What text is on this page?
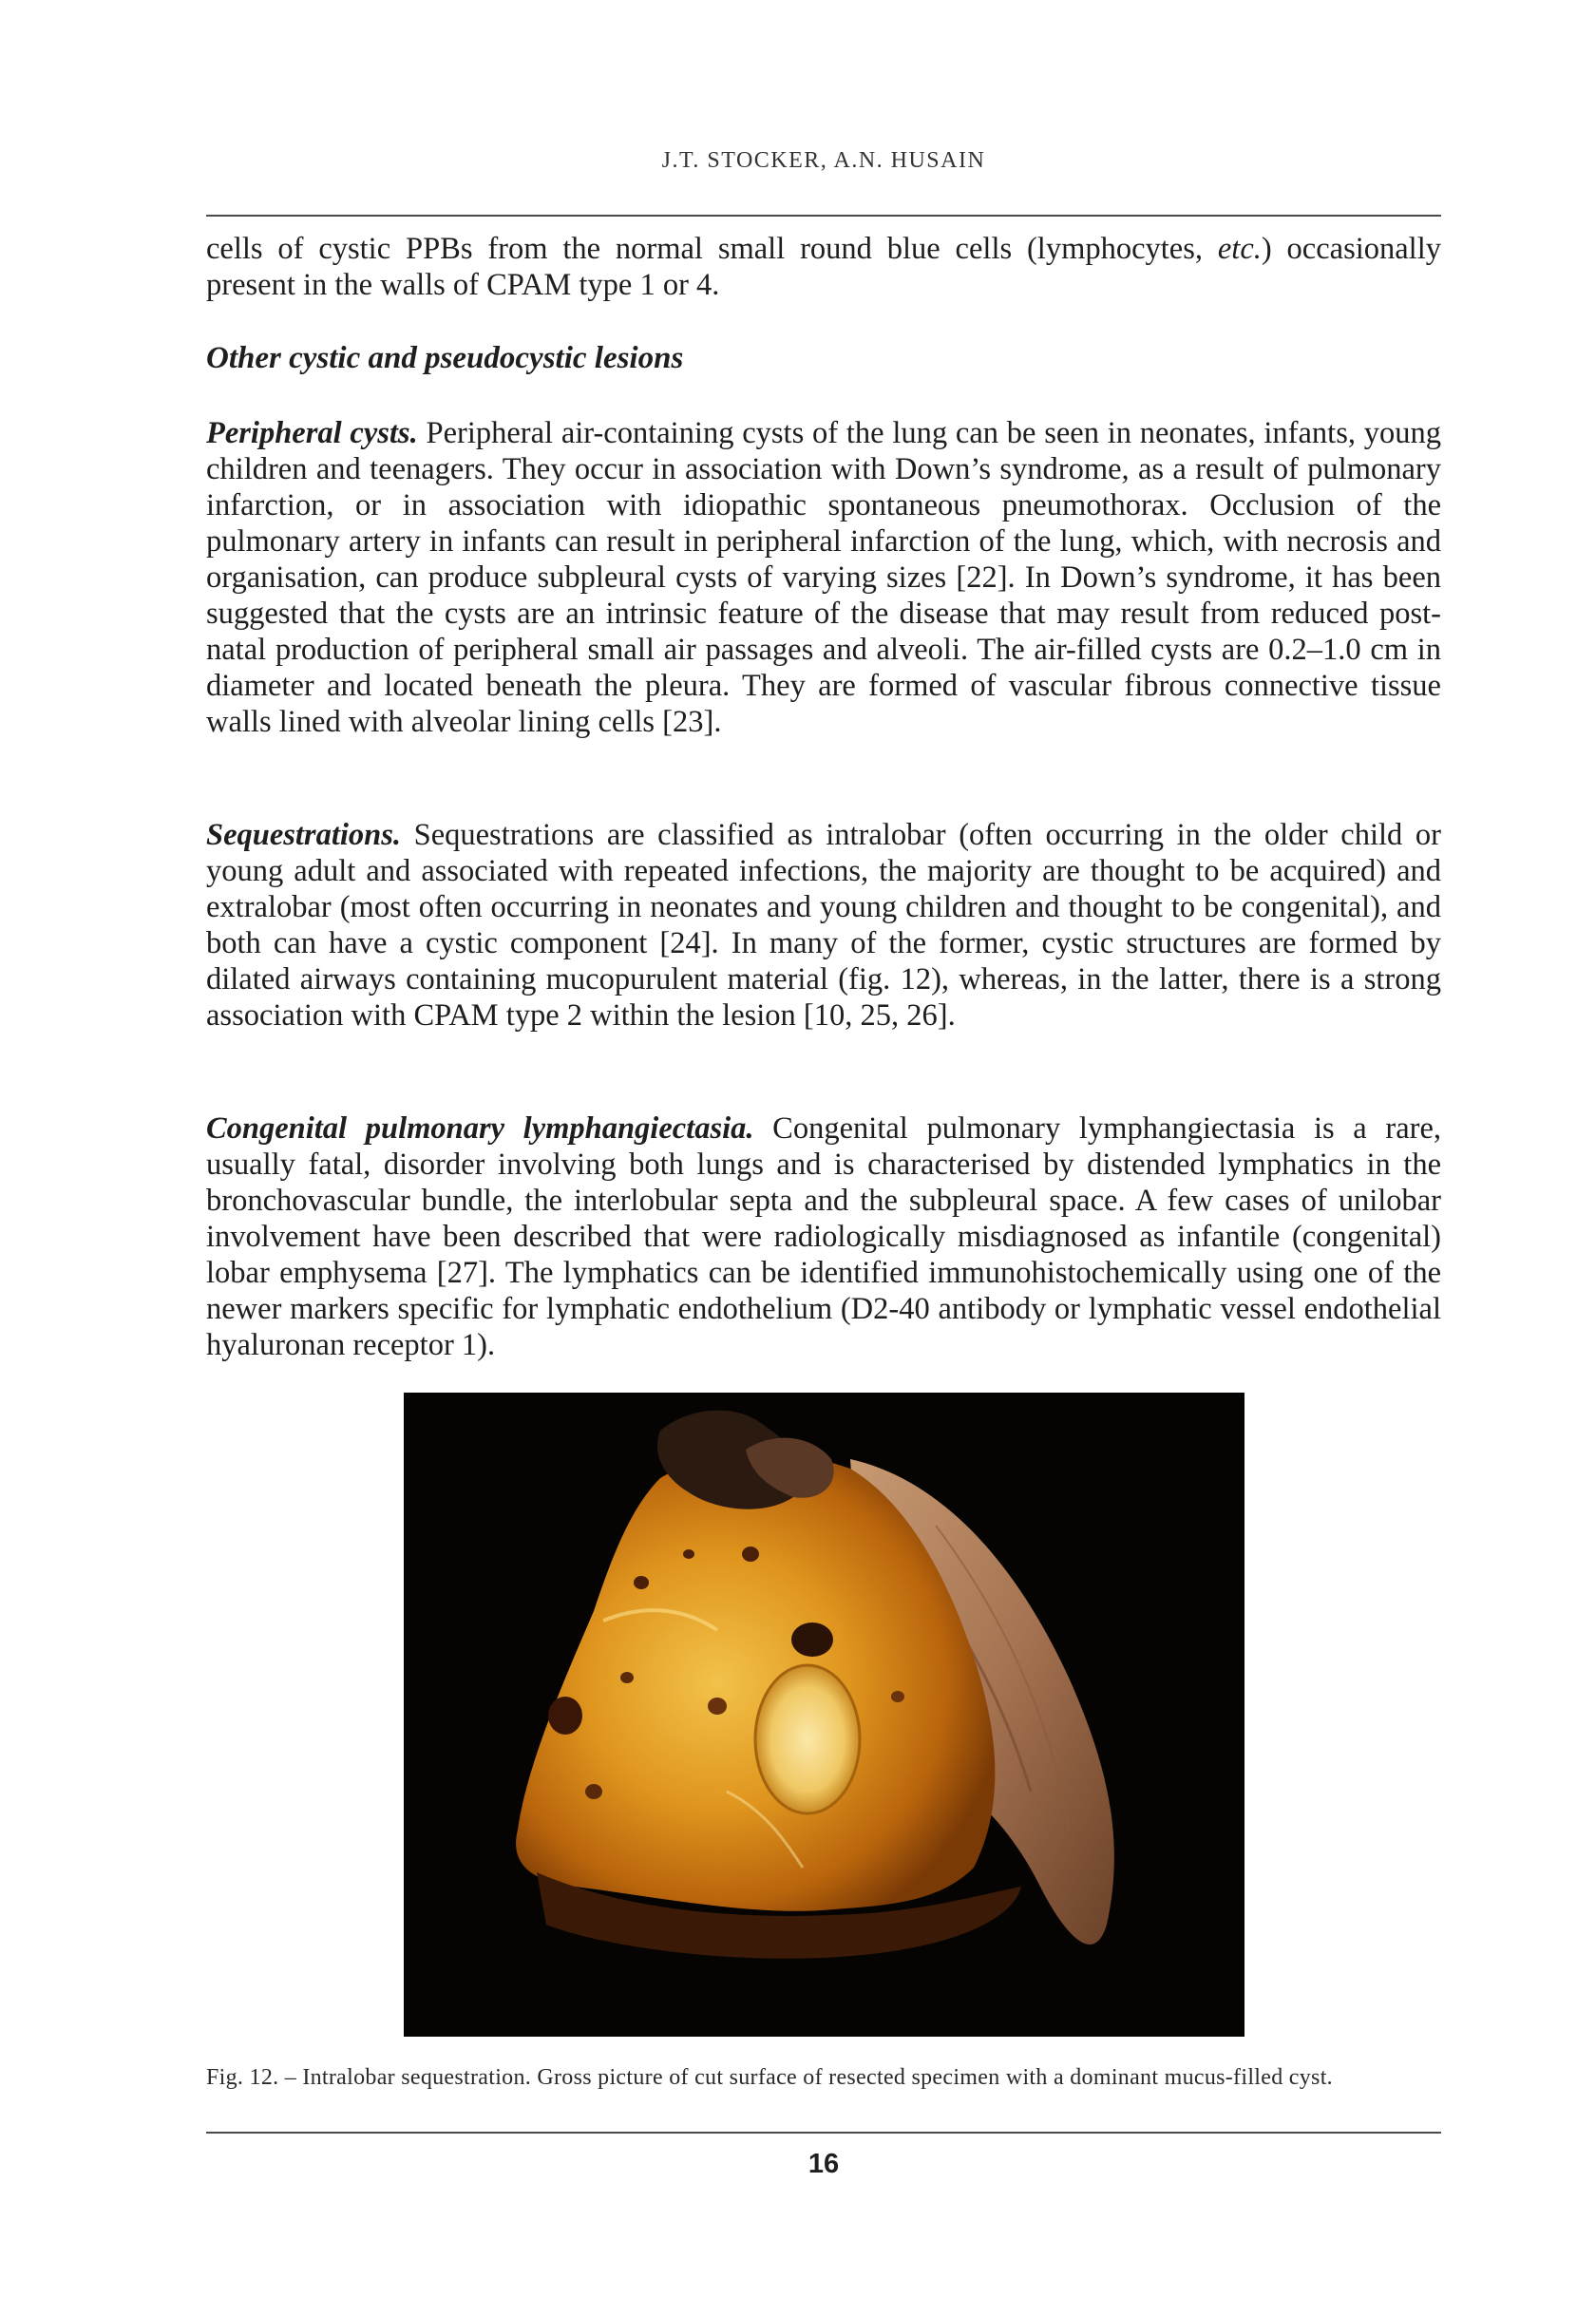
J.T. STOCKER, A.N. HUSAIN

cells of cystic PPBs from the normal small round blue cells (lymphocytes, etc.) occasionally present in the walls of CPAM type 1 or 4.

Other cystic and pseudocystic lesions

Peripheral cysts. Peripheral air-containing cysts of the lung can be seen in neonates, infants, young children and teenagers. They occur in association with Down’s syndrome, as a result of pulmonary infarction, or in association with idiopathic spontaneous pneumothorax. Occlusion of the pulmonary artery in infants can result in peripheral infarction of the lung, which, with necrosis and organisation, can produce subpleural cysts of varying sizes [22]. In Down’s syndrome, it has been suggested that the cysts are an intrinsic feature of the disease that may result from reduced post-natal production of peripheral small air passages and alveoli. The air-filled cysts are 0.2–1.0 cm in diameter and located beneath the pleura. They are formed of vascular fibrous connective tissue walls lined with alveolar lining cells [23].

Sequestrations. Sequestrations are classified as intralobar (often occurring in the older child or young adult and associated with repeated infections, the majority are thought to be acquired) and extralobar (most often occurring in neonates and young children and thought to be congenital), and both can have a cystic component [24]. In many of the former, cystic structures are formed by dilated airways containing mucopurulent material (fig. 12), whereas, in the latter, there is a strong association with CPAM type 2 within the lesion [10, 25, 26].

Congenital pulmonary lymphangiectasia. Congenital pulmonary lymphangiectasia is a rare, usually fatal, disorder involving both lungs and is characterised by distended lymphatics in the bronchovascular bundle, the interlobular septa and the subpleural space. A few cases of unilobar involvement have been described that were radiologically misdiagnosed as infantile (congenital) lobar emphysema [27]. The lymphatics can be identified immunohistochemically using one of the newer markers specific for lymphatic endothelium (D2-40 antibody or lymphatic vessel endothelial hyaluronan receptor 1).

Fig. 12. – Intralobar sequestration. Gross picture of cut surface of resected specimen with a dominant mucus-filled cyst.
16
